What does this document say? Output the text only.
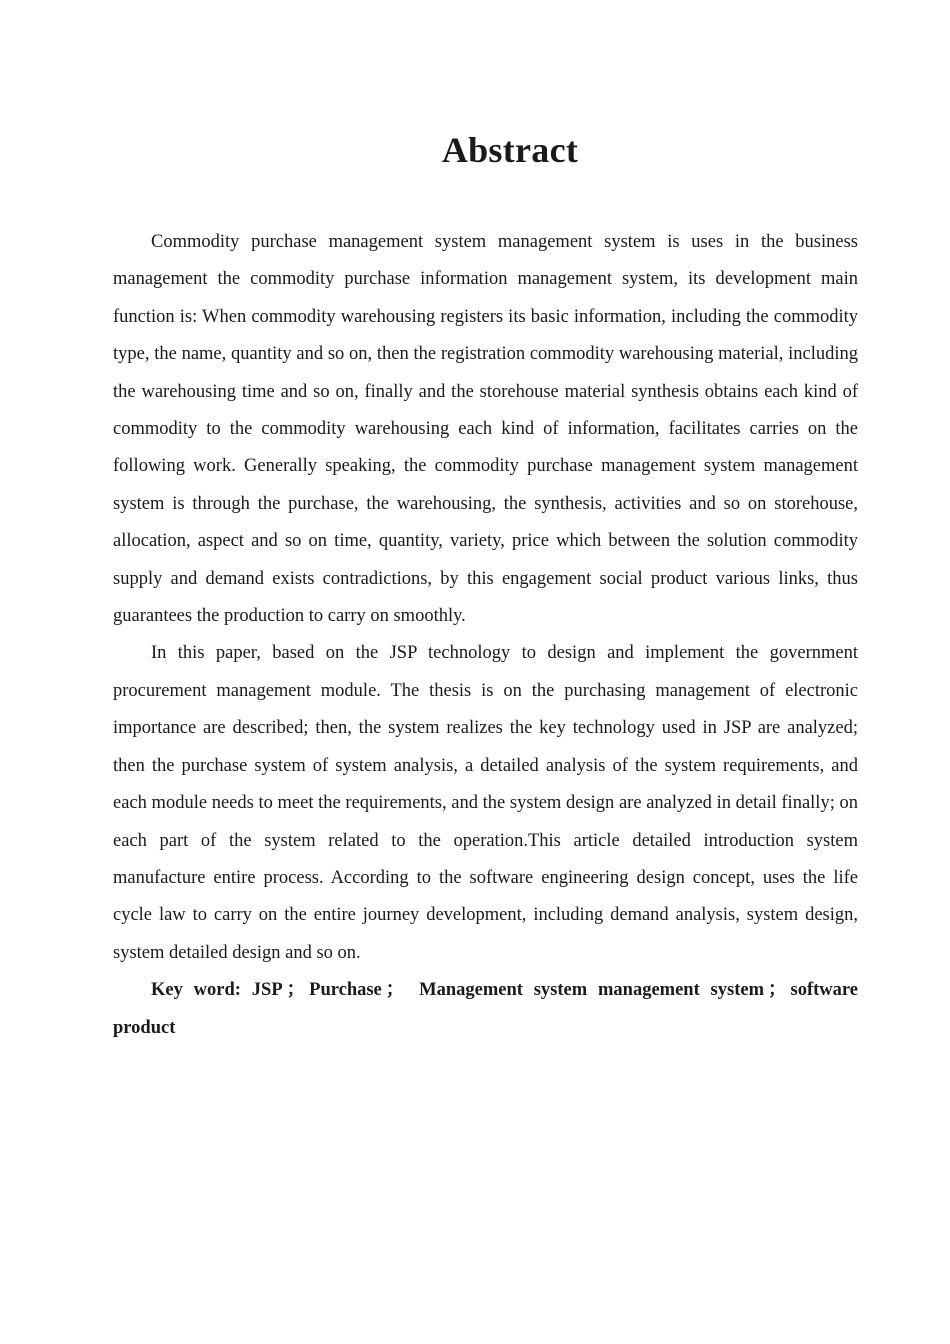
Abstract

Commodity purchase management system management system is uses in the business management the commodity purchase information management system, its development main function is: When commodity warehousing registers its basic information, including the commodity type, the name, quantity and so on, then the registration commodity warehousing material, including the warehousing time and so on, finally and the storehouse material synthesis obtains each kind of commodity to the commodity warehousing each kind of information, facilitates carries on the following work. Generally speaking, the commodity purchase management system management system is through the purchase, the warehousing, the synthesis, activities and so on storehouse, allocation, aspect and so on time, quantity, variety, price which between the solution commodity supply and demand exists contradictions, by this engagement social product various links, thus guarantees the production to carry on smoothly.

In this paper, based on the JSP technology to design and implement the government procurement management module. The thesis is on the purchasing management of electronic importance are described; then, the system realizes the key technology used in JSP are analyzed; then the purchase system of system analysis, a detailed analysis of the system requirements, and each module needs to meet the requirements, and the system design are analyzed in detail finally; on each part of the system related to the operation.This article detailed introduction system manufacture entire process. According to the software engineering design concept, uses the life cycle law to carry on the entire journey development, including demand analysis, system design, system detailed design and so on.

Key word: JSP ； Purchase ； Management system management system ； software product
